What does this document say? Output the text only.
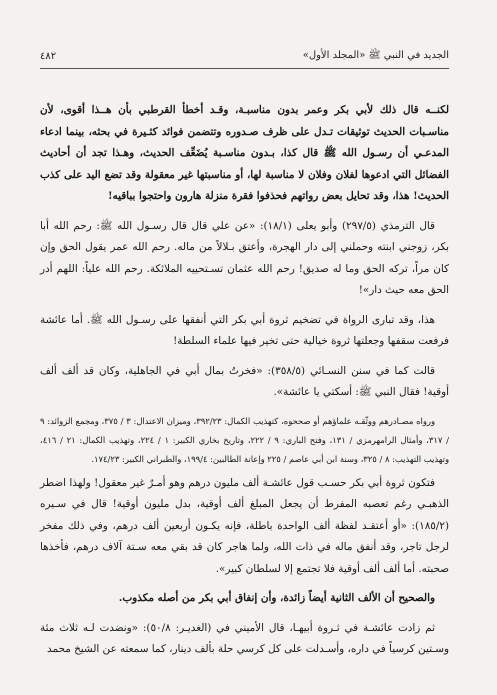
٤٨٢	الجديد في النبي ﷺ «المجلد الأول»

لكنــه قال ذلك لأبي بكر وعمر بدون مناسبـة، وقـد أخطأ القرطبي بأن هــذا أقوى، لأن مناسـبات الحديث توثيقات تـدل على ظرف صـدوره وتتضمن فوائد كثـيرة في بحثه، بينما ادعاء المدعـي أن رسـول الله ﷺ قال كذا، بـدون مناسـبة يُضَعِّف الحديث، وهـذا تجد أن أحاديث الفضائل التي ادعوها لفلان وفلان لا مناسبة لها، أو مناسبتها غير معقولة وقد تضع اليد على كذب الحديث! هذا، وقد تحايل بعض رواتهم فحذفوا فقرة منزلة هارون واحتجوا بباقيه!

قال الترمذي (٢٩٧/٥) وأبو يعلى (١٨/١): «عن علي قال قال رسـول الله ﷺ: رحم الله أبا بكر، زوجني ابنته وحملني إلى دار الهجرة، وأعتق بـلالاً من ماله. رحم الله عمر يقول الحق وإن كان مراً، تركه الحق وما له صديق! رحم الله عثمان تسـتحييه الملائكة. رحم الله علياً: اللهم أدر الحق معه حيث دار»!

هذا، وقد تبارى الرواة في تضخيم ثروة أبي بكر التي أنفقها على رسـول الله ﷺ. أما عائشة فرفعت سقفها وجعلتها ثروة خيالية حتى تخير فيها علماء السلطة!

قالت كما في سنن النسـائي (٣٥٨/٥): «فخرتُ بمال أبي في الجاهلية، وكان قد ألف ألف أوقية! فقال النبي ﷺ: أسكتي يا عائشة».

ورواه مصـادرهم ووثّقـه علماؤهم أو صححوه، كتهذيب الكمال: ٣٩٢/٢٣، وميزان الاعتدال: ٣ / ٣٧٥، ومجمع الزوائد: ٩ / ٣١٧، وأمثال الرامهرمزي / ١٣١، وفتح الباري: ٩ / ٢٢٢، وتاريخ بخاري الكبير: ١ / ٢٢٤، وتهذيب الكمال: ٢١ / ٤١٦، وتهذيب التهذيب: ٨ / ٣٢٥، وسنة ابن أبي عاصم / ٢٢٥ وإعانة الطالبين: ١٩٩/٤، والطبراني الكبير: ١٧٤/٢٣.

فتكون ثروة أبي بكر حسـب قول عائشـة ألف مليون درهم وهو أمـرٌ غير معقول! ولهذا اضطر الذهبـي رغم تعصبه المفرط أن يجعل المبلغ ألف أوقية، بدل مليون أوقية! قال في سـيره (١٨٥/٢): «أو أعتقـد لفظة ألف الواحدة باطلة، فإنه يكـون أربعين ألف درهم، وفي ذلك مفخر لرجل تاجر، وقد أنفق ماله في ذات الله، ولما هاجر كان قد بقي معه سـتة آلاف درهم، فأخذها صحبته. أما ألف ألف أوقية فلا تجتمع إلا لسلطان كبير».

والصحيح أن الألف الثانية أيضاً زائدة، وأن إنفاق أبي بكر من أصله مكذوب.

ثم زادت عائشـة في ثـروة أبيهـا، قال الأميني في (الغديـر: ٥٠/٨): «ونضدت لـه ثلاث مئة وسـتين كرسياً في داره، وأسـدلت على كل كرسي حلة بألف دينار، كما سمعته عن الشيخ محمد
